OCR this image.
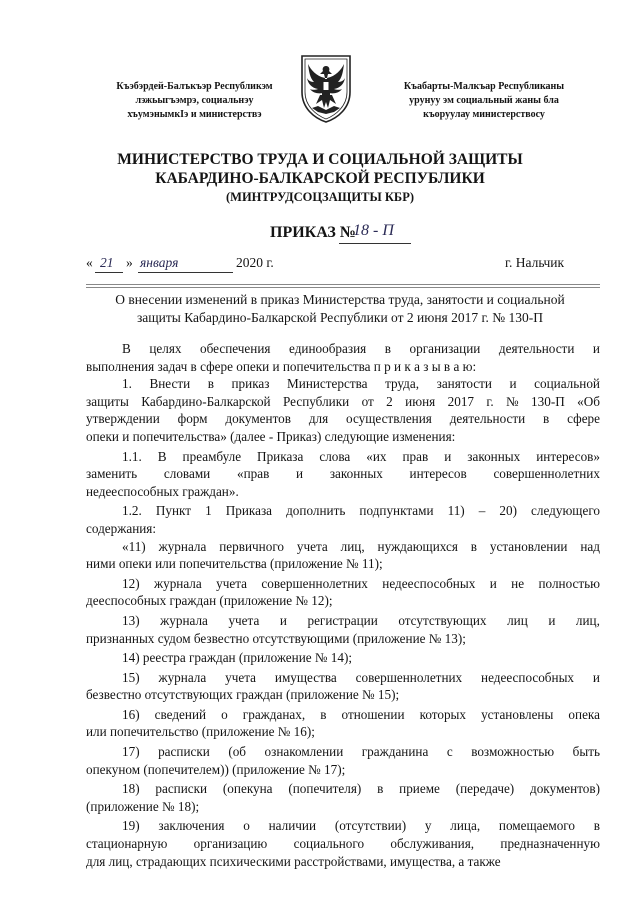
Къэбэрдей-Балъкъэр Республикэм
лэжьыгъэмрэ, социальнэу
хъумэнымкIэ и министерствэ
Къабарты-Малкъар Республиканы
урунуу эм социальный жаны бла
къоруулау министерствосу
МИНИСТЕРСТВО ТРУДА И СОЦИАЛЬНОЙ ЗАЩИТЫ
КАБАРДИНО-БАЛКАРСКОЙ РЕСПУБЛИКИ
(МИНТРУДСОЦЗАЩИТЫ КБР)
ПРИКАЗ №
18 - П
« 21 » января	2020 г.	г. Нальчик
О внесении изменений в приказ Министерства труда, занятости и социальной
защиты Кабардино-Балкарской Республики от 2 июня 2017 г. № 130-П
В целях обеспечения единообразия в организации деятельности и
выполнения задач в сфере опеки и попечительства п р и к а з ы в а ю:
1. Внести в приказ Министерства труда, занятости и социальной
защиты Кабардино-Балкарской Республики от 2 июня 2017 г. № 130-П «Об
утверждении форм документов для осуществления деятельности в сфере
опеки и попечительства» (далее - Приказ) следующие изменения:
1.1. В преамбуле Приказа слова «их прав и законных интересов»
заменить словами «прав и законных интересов совершеннолетних
недееспособных граждан».
1.2. Пункт 1 Приказа дополнить подпунктами 11) – 20) следующего
содержания:
«11) журнала первичного учета лиц, нуждающихся в установлении над
ними опеки или попечительства (приложение № 11);
12) журнала учета совершеннолетних недееспособных и не полностью
дееспособных граждан (приложение № 12);
13) журнала учета и регистрации отсутствующих лиц и лиц,
признанных судом безвестно отсутствующими (приложение № 13);
14) реестра граждан (приложение № 14);
15) журнала учета имущества совершеннолетних недееспособных и
безвестно отсутствующих граждан (приложение № 15);
16) сведений о гражданах, в отношении которых установлены опека
или попечительство (приложение № 16);
17) расписки (об ознакомлении гражданина с возможностью быть
опекуном (попечителем)) (приложение № 17);
18) расписки (опекуна (попечителя) в приеме (передаче) документов)
(приложение № 18);
19) заключения о наличии (отсутствии) у лица, помещаемого в
стационарную организацию социального обслуживания, предназначенную
для лиц, страдающих психическими расстройствами, имущества, а также
